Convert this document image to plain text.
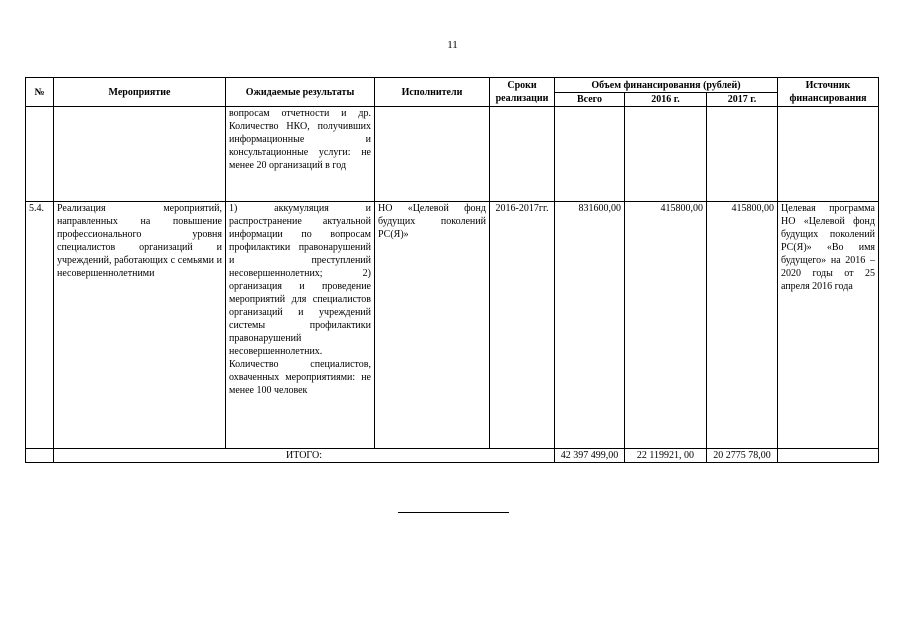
11
№	Мероприятие	Ожидаемые результаты	Исполнители	Сроки реализации	Объем финансирования (рублей)			Источник финансирования
					Всего	2016 г.	2017 г.	
		вопросам отчетности и др. Количество НКО, получивших информационные и консультационные услуги: не менее 20 организаций в год						
5.4.	Реализация мероприятий, направленных на повышение профессионального уровня специалистов организаций и учреждений, работающих с семьями и несовершеннолетними	1) аккумуляция и распространение актуальной информации по вопросам профилактики правонарушений и преступлений несовершеннолетних; 2) организация и проведение мероприятий для специалистов организаций и учреждений системы профилактики правонарушений несовершеннолетних. Количество специалистов, охваченных мероприятиями: не менее 100 человек	НО «Целевой фонд будущих поколений РС(Я)»	2016-2017гг.	831600,00	415800,00	415800,00	Целевая программа НО «Целевой фонд будущих поколений РС(Я)» «Во имя будущего» на 2016 – 2020 годы от 25 апреля 2016 года
	ИТОГО:				42 397 499,00	22 119921, 00	20 2775 78,00	
